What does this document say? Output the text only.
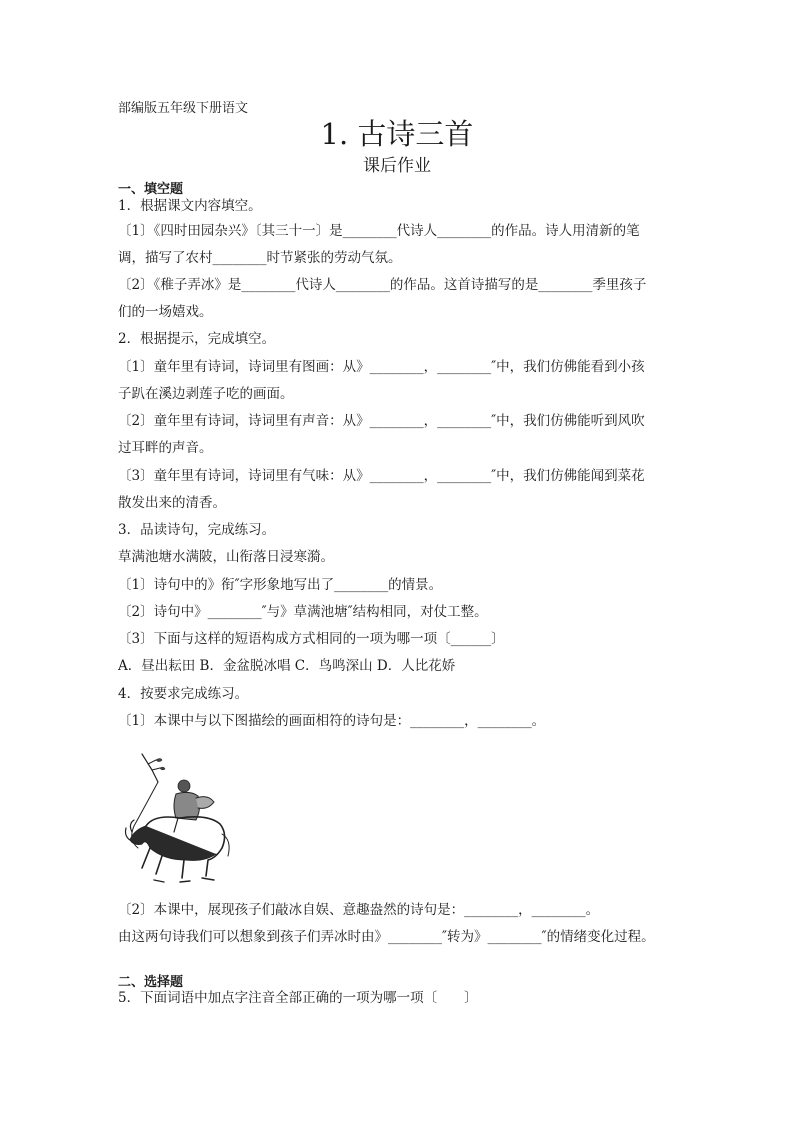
部编版五年级下册语文
1. 古诗三首
课后作业
一、填空题
1．根据课文内容填空。
〔1〕《四时田园杂兴》〔其三十一〕是________代诗人________的作品。诗人用清新的笔
调，描写了农村________时节紧张的劳动气氛。
〔2〕《稚子弄冰》是________代诗人________的作品。这首诗描写的是________季里孩子
们的一场嬉戏。
2．根据提示，完成填空。
〔1〕童年里有诗词，诗词里有图画：从》________，________″中，我们仿佛能看到小孩
子趴在溪边剥莲子吃的画面。
〔2〕童年里有诗词，诗词里有声音：从》________，________″中，我们仿佛能听到风吹
过耳畔的声音。
〔3〕童年里有诗词，诗词里有气味：从》________，________″中，我们仿佛能闻到菜花
散发出来的清香。
3．品读诗句，完成练习。
草满池塘水满陂，山衔落日浸寒漪。
〔1〕诗句中的》衔″字形象地写出了________的情景。
〔2〕诗句中》________″与》草满池塘″结构相同，对仗工整。
〔3〕下面与这样的短语构成方式相同的一项为哪一项〔______〕
A．昼出耘田 B．金盆脱冰唱 C．鸟鸣深山 D．人比花娇
4．按要求完成练习。
〔1〕本课中与以下图描绘的画面相符的诗句是：________，________。
〔2〕本课中，展现孩子们敲冰自娱、意趣盎然的诗句是：________，________。
由这两句诗我们可以想象到孩子们弄冰时由》________″转为》________″的情绪变化过程。
二、选择题
5．下面词语中加点字注音全部正确的一项为哪一项〔　　〕
